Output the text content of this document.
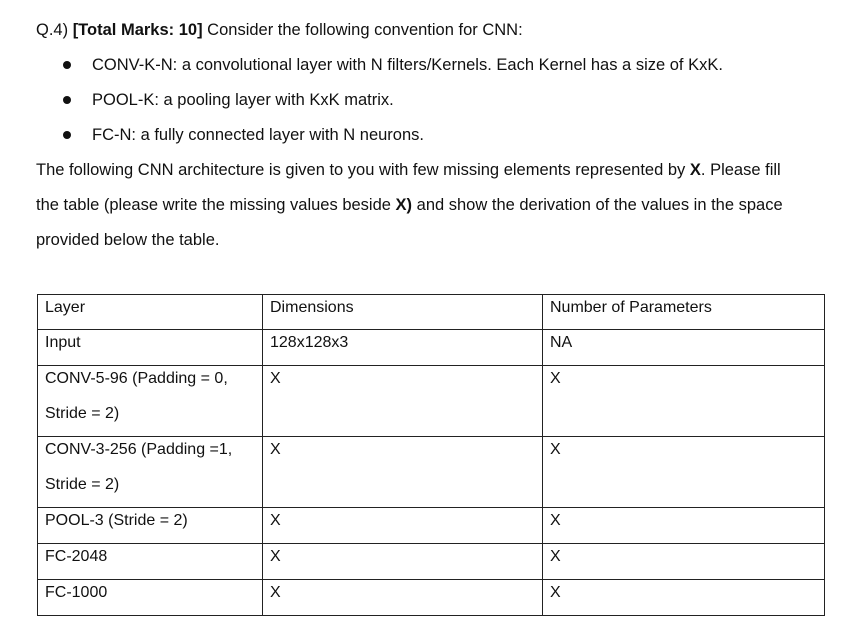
Q.4) [Total Marks: 10] Consider the following convention for CNN:
CONV-K-N: a convolutional layer with N filters/Kernels. Each Kernel has a size of KxK.
POOL-K: a pooling layer with KxK matrix.
FC-N: a fully connected layer with N neurons.
The following CNN architecture is given to you with few missing elements represented by X. Please fill
the table (please write the missing values beside X) and show the derivation of the values in the space
provided below the table.
Layer	Dimensions	Number of Parameters
Input	128x128x3	NA

CONV-5-96 (Padding = 0,
Stride = 2)	X	X

CONV-3-256 (Padding =1,
Stride = 2)	X	X
POOL-3 (Stride = 2)	X	X
FC-2048	X	X
FC-1000	X	X
